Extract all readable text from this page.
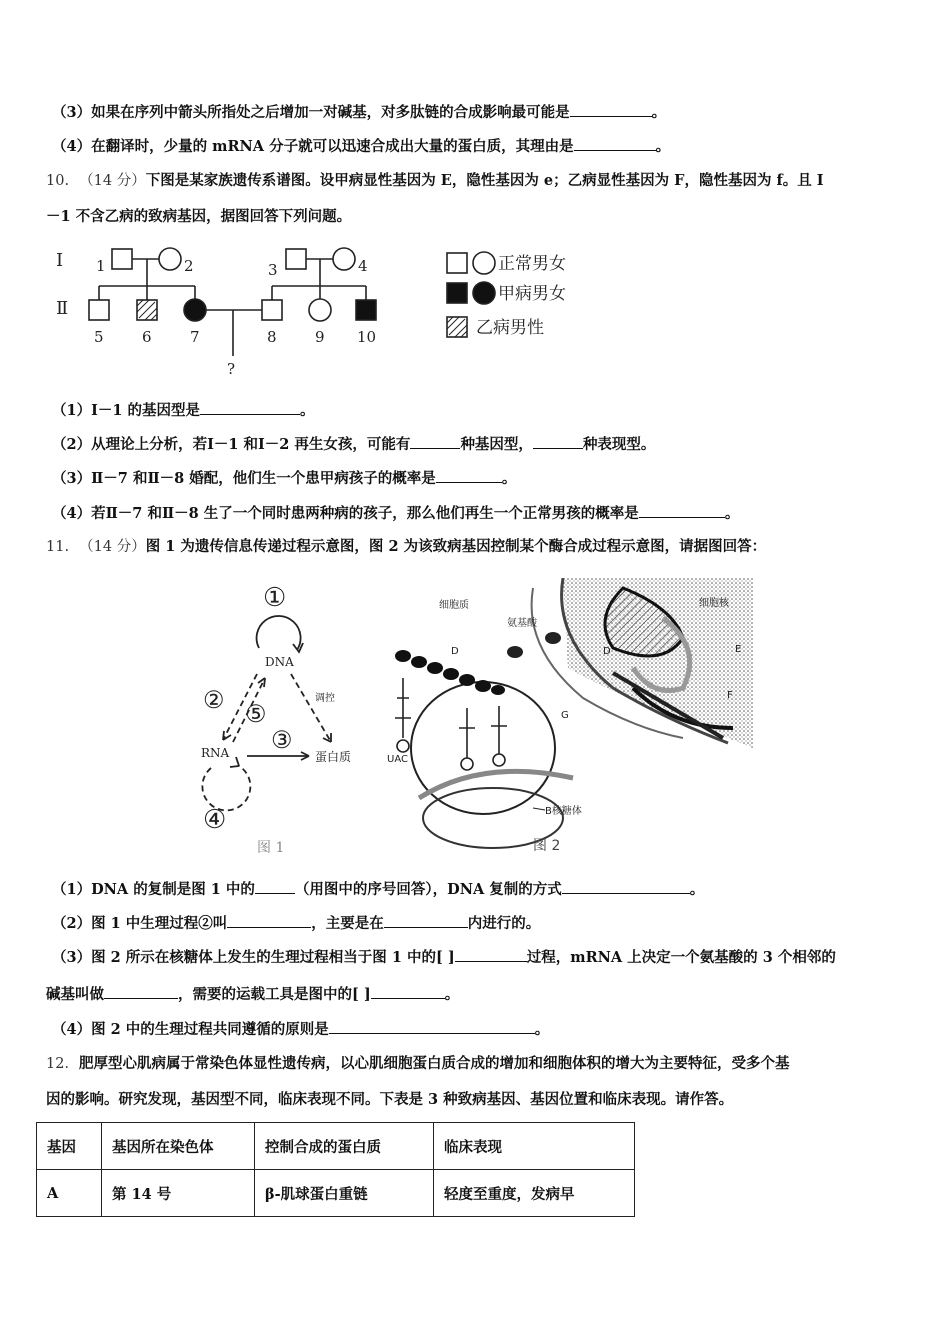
（3）如果在序列中箭头所指处之后增加一对碱基，对多肽链的合成影响最可能是	。
（4）在翻译时，少量的 mRNA 分子就可以迅速合成出大量的蛋白质，其理由是	。
10. （14 分）下图是某家族遗传系谱图。设甲病显性基因为 E，隐性基因为 e；乙病显性基因为 F，隐性基因为 f。且 Ⅰ
－1 不含乙病的致病基因，据图回答下列问题。
Ⅰ
Ⅱ
1	2	3	4
5	6	7	8	9 10
?
正常男女
甲病男女
乙病男性
（1）Ⅰ－1 的基因型是	。
（2）从理论上分析，若Ⅰ－1 和Ⅰ－2 再生女孩，可能有	种基因型，	种表现型。
（3）Ⅱ－7 和Ⅱ－8 婚配，他们生一个患甲病孩子的概率是	。
（4）若Ⅱ－7 和Ⅱ－8 生了一个同时患两种病的孩子，那么他们再生一个正常男孩的概率是	。
11. （14 分）图 1 为遗传信息传递过程示意图，图 2 为该致病基因控制某个酶合成过程示意图，请据图回答：
①
DNA
② ⑤
③
调控
RNA	蛋白质
④
图 1
细胞质
氨基酸
细胞核
D	D	E
F
G
UAC
B核糖体
图 2
（1）DNA 的复制是图 1 中的	（用图中的序号回答），DNA 复制的方式	。
（2）图 1 中生理过程②叫	，主要是在	内进行的。
（3）图 2 所示在核糖体上发生的生理过程相当于图 1 中的[ ]	过程，mRNA 上决定一个氨基酸的 3 个相邻的
碱基叫做	，需要的运载工具是图中的[ ]	。
（4）图 2 中的生理过程共同遵循的原则是	。
12．肥厚型心肌病属于常染色体显性遗传病，以心肌细胞蛋白质合成的增加和细胞体积的增大为主要特征，受多个基
因的影响。研究发现，基因型不同，临床表现不同。下表是 3 种致病基因、基因位置和临床表现。请作答。
基因	基因所在染色体	控制合成的蛋白质	临床表现
A	第 14 号	β-肌球蛋白重链	轻度至重度，发病早
